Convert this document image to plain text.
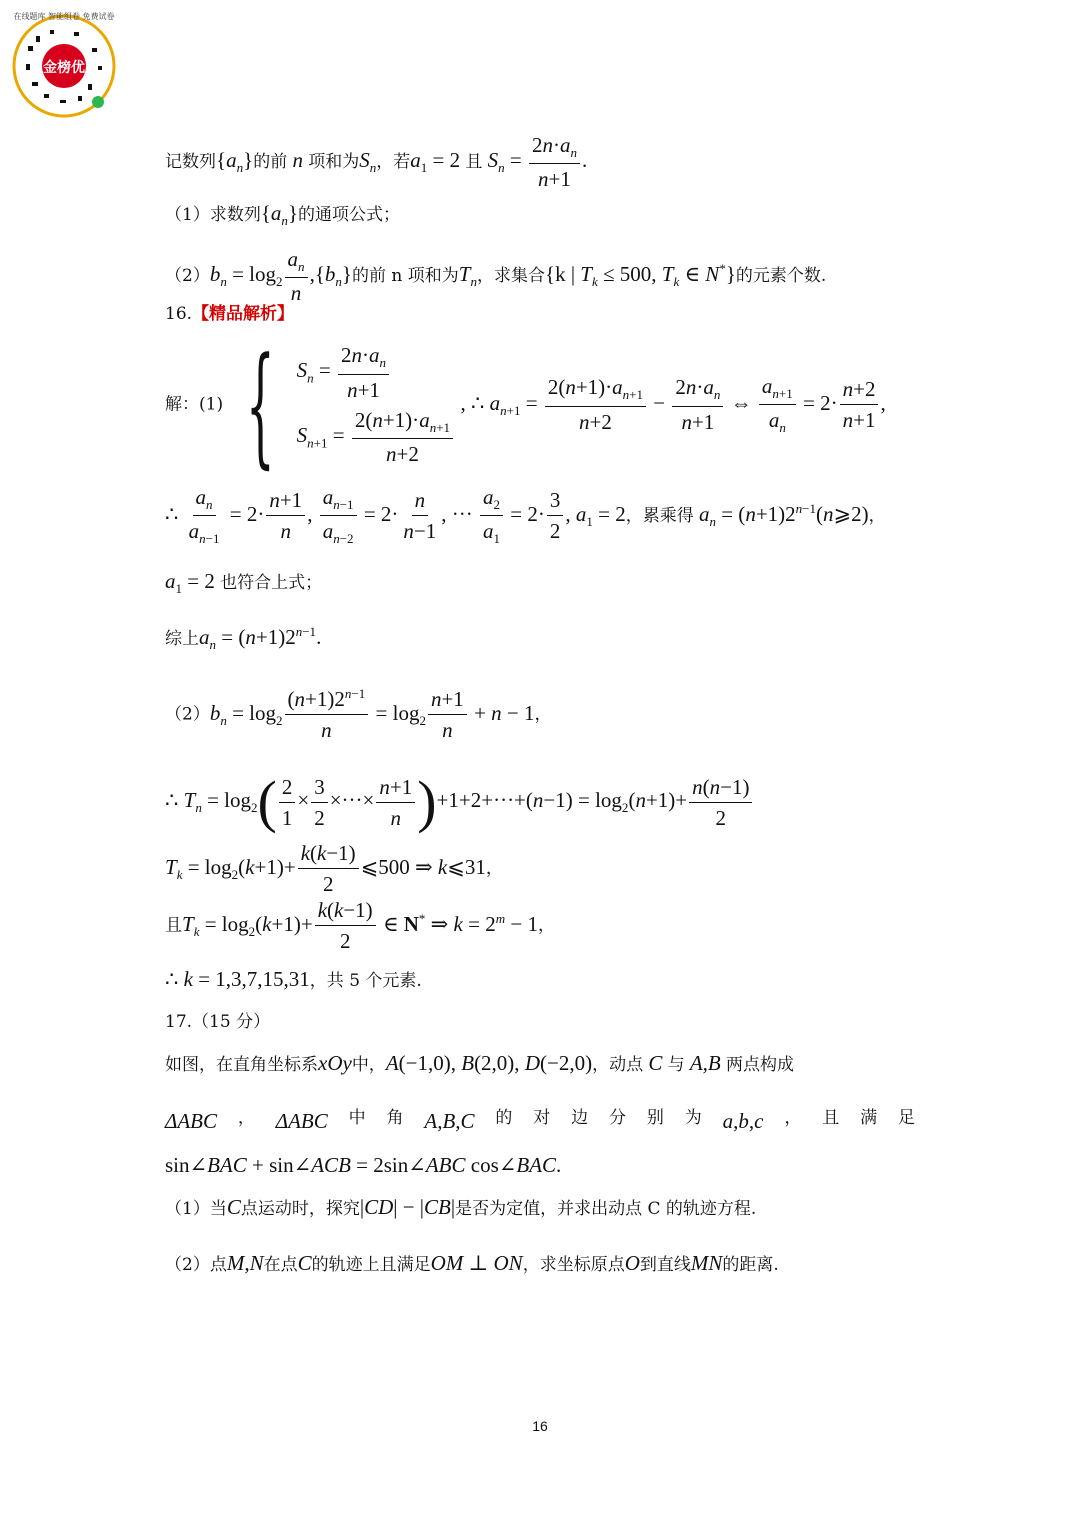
金榜优
在线题库 智能组卷 免费试卷
记数列$\{a_n\}$的前 n 项和为$S_n$，若$a_1 = 2$ 且 $S_n = \frac{2n\cdot a_n}{n+1}$ .
（1）求数列$\{a_n\}$的通项公式；
$(2)b_n = \log_2 \frac{a_n}{n} ,\{b_n\}$的前 n 项和为$T_n$，求集合{k | $T_k \le 500$, $T_k$ ∈ N*}的元素个数.
16.【精品解析】
解：(1) { $S_n = \frac{2n\cdot a_n}{n+1}$
$S_{n+1} = \frac{2(n+1)\cdot a_{n+1}}{n+2}$
, ∴ $a_{n+1} = \frac{2(n+1)\cdot a_{n+1}}{n+2} - \frac{2n\cdot a_n}{n+1}$ ⇔ $\frac{a_{n+1}}{a_n} = 2\cdot \frac{n+2}{n+1}$ ,
∴ $\frac{a_n}{a_{n-1}} = 2\cdot \frac{n+1}{n}$ , $\frac{a_{n-1}}{a_{n-2}} = 2\cdot \frac{n}{n-1}$ , ··· $\frac{a_2}{a_1} = 2\cdot \frac{3}{2}$ , $a_1 = 2$，累乘得 $a_n$ = $(n+1)2^{n-1}(n⩾2)$，
$a_1 = 2$ 也符合上式；
综上$a_n = (n+1)2^{n-1}$.
$(2)b_n = \log_2 \frac{(n+1)2^{n-1}}{n} = \log_2 \frac{n+1}{n} + n - 1$，
∴ $T_n = \log_2( \frac{2}{1} \times \frac{3}{2}$ ×···× $\frac{n+1}{n} )+1+2+\cdot\cdot\cdot+(n-1) = \log_2(n+1)+ \frac{n(n-1)}{2}$
$T_k = \log_2(k+1)+ \frac{k(k-1)}{2}$ ⩽500 ⇒ k⩽31，
且$T_k = \log_2(k+1)+ \frac{k(k-1)}{2}$ ∈ N* ⇒ $k = 2^m - 1$，
∴ k = 1,3,7,15,31，共 5 个元素.
17.（15 分）
如图，在直角坐标系xOy中，A(−1,0), B(2,0), D(−2,0)，动点 C 与 A,B 两点构成
ΔABC ， ΔABC 中 角 A,B,C 的 对 边 分 别 为 a,b,c ， 且 满 足
sin∠BAC + sin∠ACB = 2sin∠ABC cos∠BAC.
（1）当C点运动时，探究|CD| − |CB|是否为定值，并求出动点 C 的轨迹方程.
（2）点M,N在点C的轨迹上且满足OM ⊥ ON，求坐标原点O到直线MN的距离.
16
